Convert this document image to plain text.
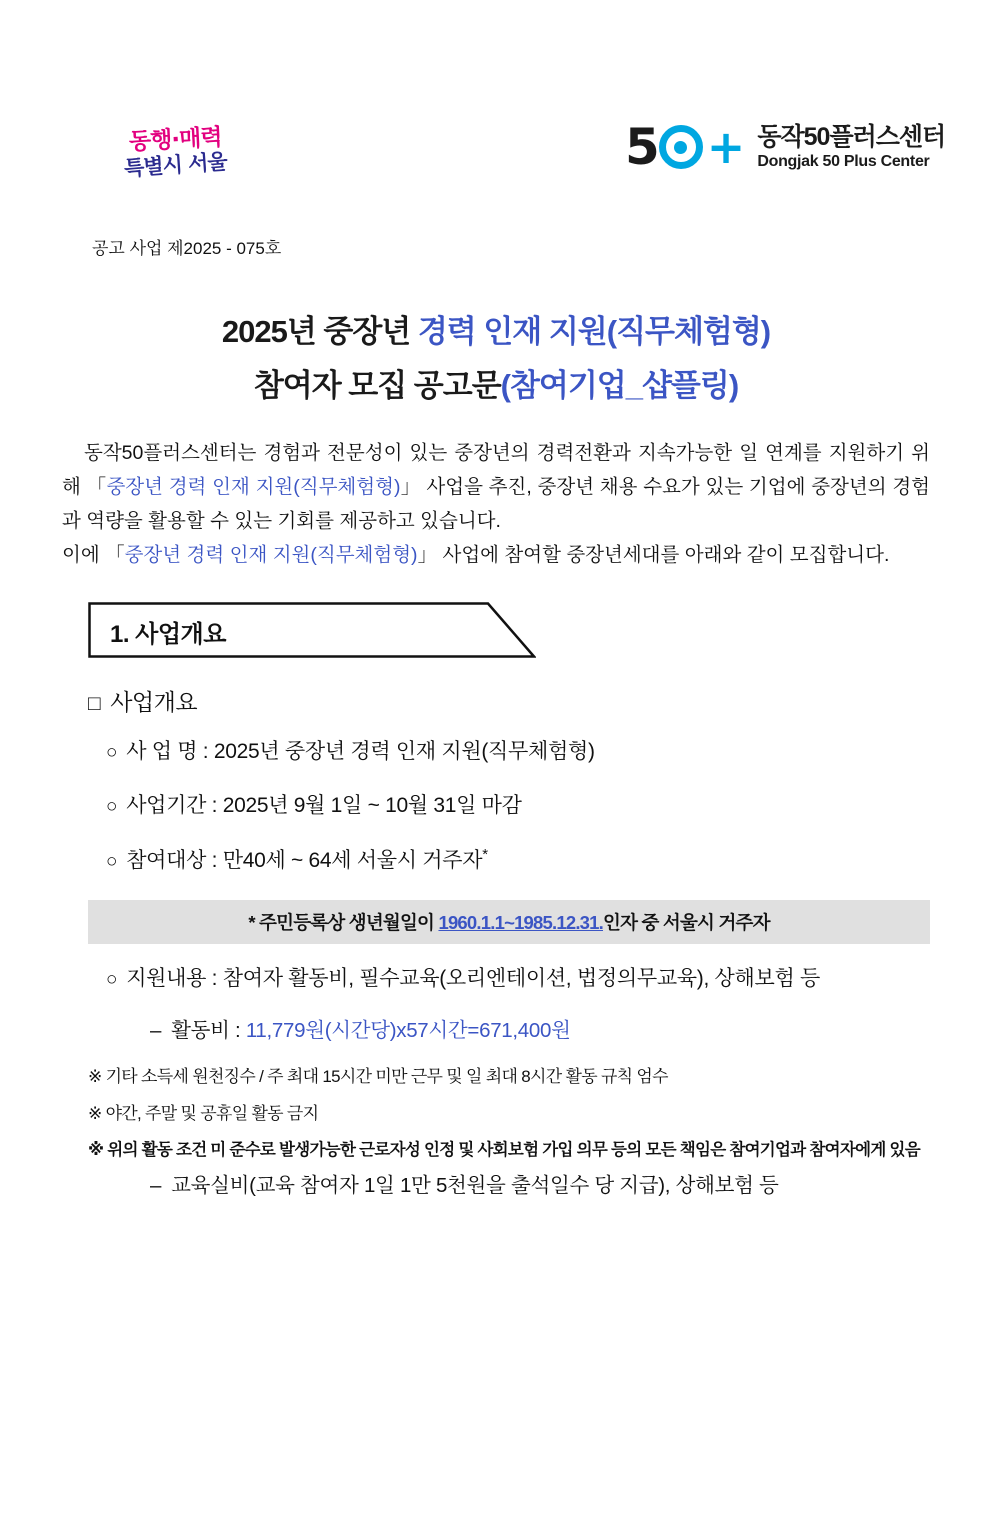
동행·매력 특별시 서울	5 + 동작50플러스센터
Dongjak 50 Plus Center
공고 사업 제2025 - 075호
2025년 중장년 경력 인재 지원(직무체험형)
참여자 모집 공고문(참여기업_샵플링)

동작50플러스센터는 경험과 전문성이 있는 중장년의 경력전환과 지속가능한 일 연계를 지원하기 위해 「중장년 경력 인재 지원(직무체험형)」 사업을 추진, 중장년 채용 수요가 있는 기업에 중장년의 경험과 역량을 활용할 수 있는 기회를 제공하고 있습니다.

이에 「중장년 경력 인재 지원(직무체험형)」 사업에 참여할 중장년세대를 아래와 같이 모집합니다.

1. 사업개요
□ 사업개요
○ 사 업 명 : 2025년 중장년 경력 인재 지원(직무체험형)
○ 사업기간 : 2025년 9월 1일 ~ 10월 31일 마감
○ 참여대상 : 만40세 ~ 64세 서울시 거주자*
* 주민등록상 생년월일이 1960.1.1~1985.12.31.인자 중 서울시 거주자
○ 지원내용 : 참여자 활동비, 필수교육(오리엔테이션, 법정의무교육), 상해보험 등
– 활동비 : 11,779원(시간당)x57시간=671,400원
※ 기타 소득세 원천징수 / 주 최대 15시간 미만 근무 및 일 최대 8시간 활동 규칙 엄수
※ 야간, 주말 및 공휴일 활동 금지
※ 위의 활동 조건 미 준수로 발생가능한 근로자성 인정 및 사회보험 가입 의무 등의 모든 책임은 참여기업과 참여자에게 있음
– 교육실비(교육 참여자 1일 1만 5천원을 출석일수 당 지급), 상해보험 등
